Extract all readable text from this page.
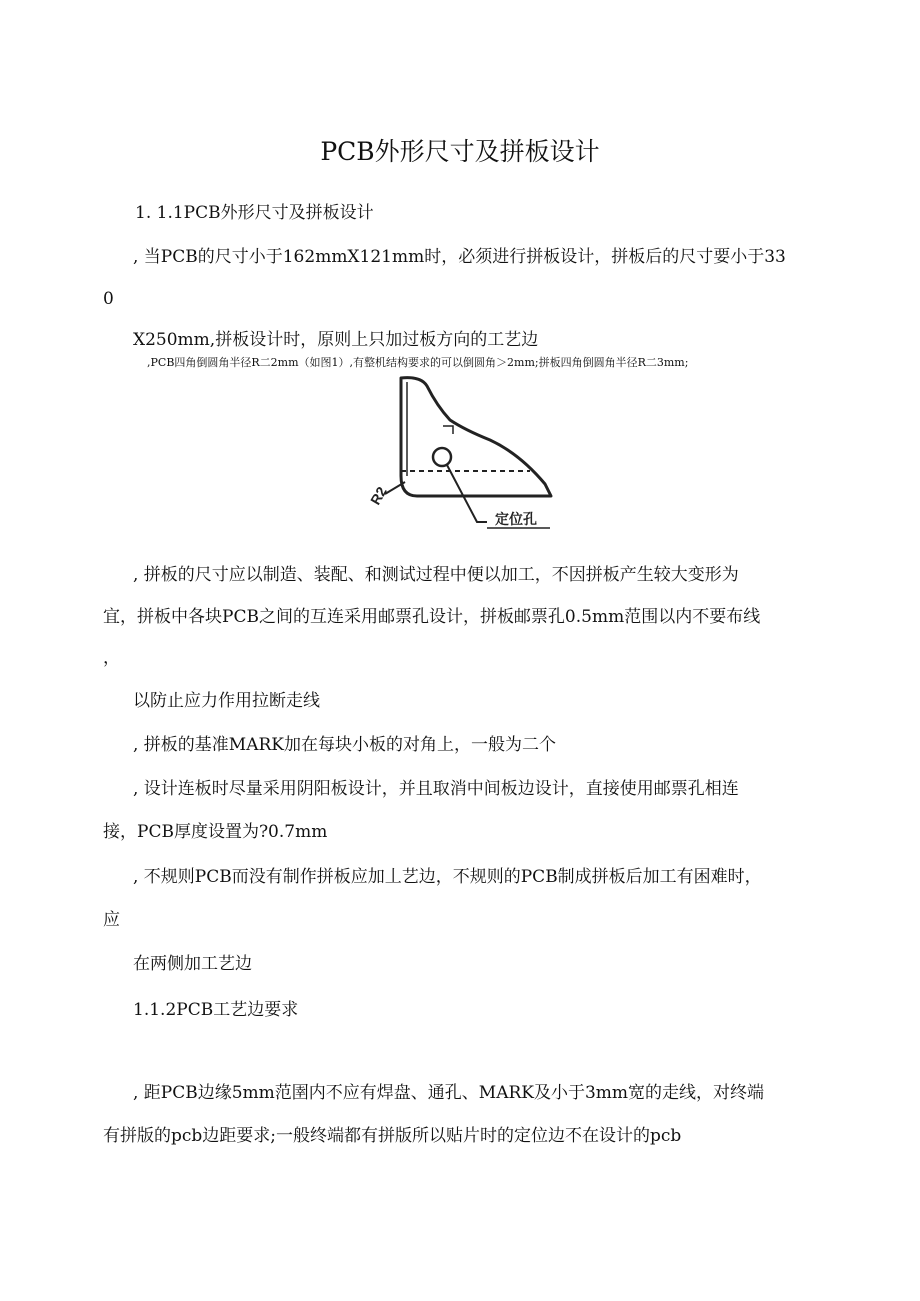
PCB外形尺寸及拼板设计
1. 1.1PCB外形尺寸及拼板设计
, 当PCB的尺寸小于162mmX121mm时，必须进行拼板设计，拼板后的尺寸要小于33
0
X250mm,拼板设计时，原则上只加过板方向的工艺边
,PCB四角倒圆角半径R二2mm（如图1）,有整机结构要求的可以倒圆角＞2mm;拼板四角倒圆角半径R二3mm;
R2
定位孔
, 拼板的尺寸应以制造、装配、和测试过程中便以加工，不因拼板产生较大变形为
宜，拼板中各块PCB之间的互连采用邮票孔设计，拼板邮票孔0.5mm范围以内不要布线
，
以防止应力作用拉断走线
, 拼板的基准MARK加在每块小板的对角上，一般为二个
, 设计连板时尽量采用阴阳板设计，并且取消中间板边设计，直接使用邮票孔相连
接，PCB厚度设置为?0.7mm
, 不规则PCB而没有制作拼板应加丄艺边，不规则的PCB制成拼板后加工有困难时，
应
在两侧加工艺边
1.1.2PCB工艺边要求
, 距PCB边缘5mm范圉内不应有焊盘、通孔、MARK及小于3mm宽的走线，对终端
有拼版的pcb边距要求;一般终端都有拼版所以贴片时的定位边不在设计的pcb
